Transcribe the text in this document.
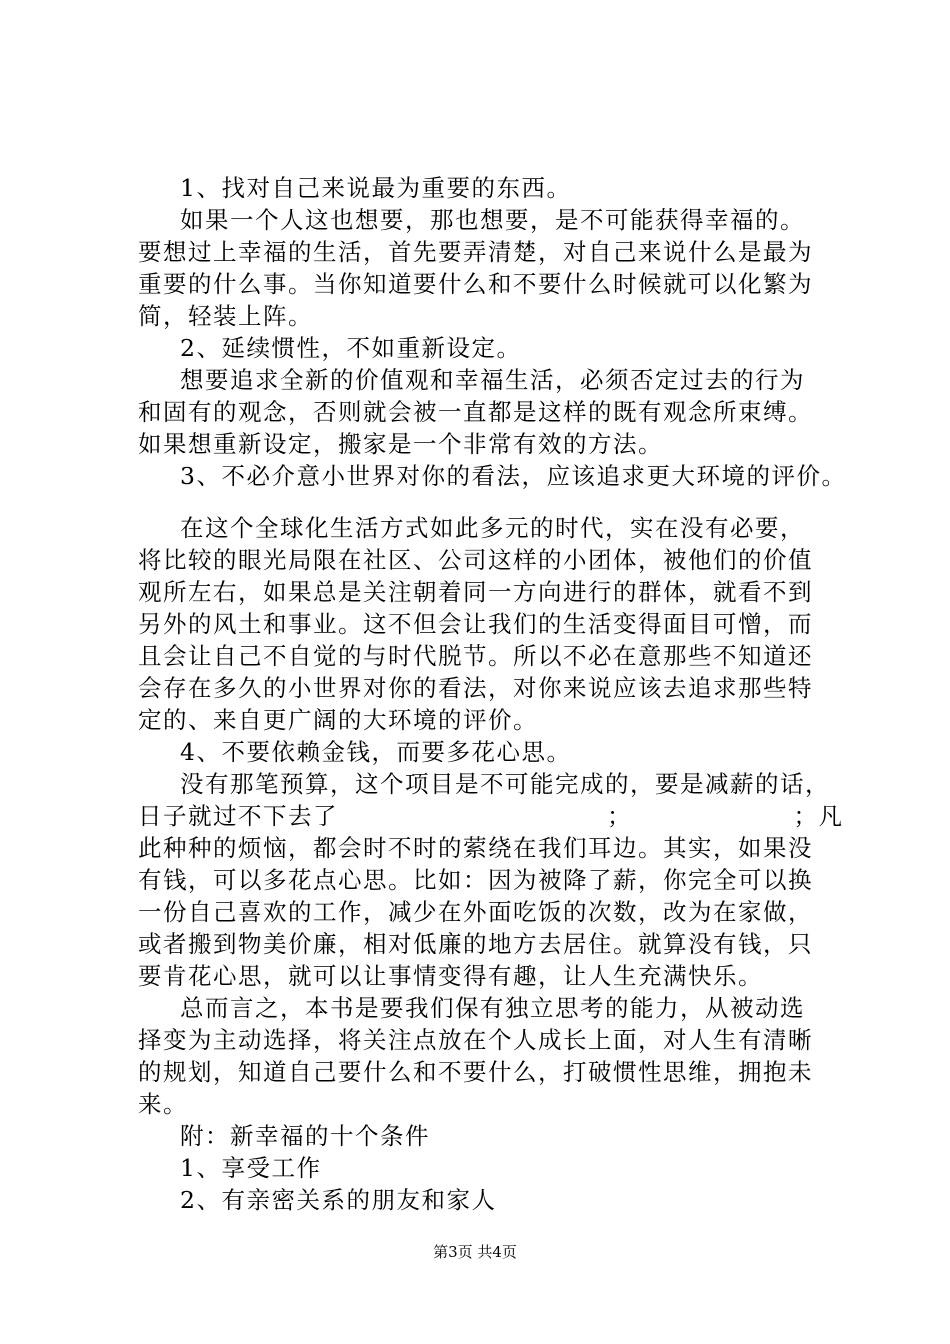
1、找对自己来说最为重要的东西。
如果一个人这也想要，那也想要，是不可能获得幸福的。
要想过上幸福的生活，首先要弄清楚，对自己来说什么是最为
重要的什么事。当你知道要什么和不要什么时候就可以化繁为
简，轻装上阵。
2、延续惯性，不如重新设定。
想要追求全新的价值观和幸福生活，必须否定过去的行为
和固有的观念，否则就会被一直都是这样的既有观念所束缚。
如果想重新设定，搬家是一个非常有效的方法。
3、不必介意小世界对你的看法，应该追求更大环境的评价。
在这个全球化生活方式如此多元的时代，实在没有必要，
将比较的眼光局限在社区、公司这样的小团体，被他们的价值
观所左右，如果总是关注朝着同一方向进行的群体，就看不到
另外的风土和事业。这不但会让我们的生活变得面目可憎，而
且会让自己不自觉的与时代脱节。所以不必在意那些不知道还
会存在多久的小世界对你的看法，对你来说应该去追求那些特
定的、来自更广阔的大环境的评价。
4、不要依赖金钱，而要多花心思。
没有那笔预算，这个项目是不可能完成的，要是减薪的话，
日子就过不下去了                              ；                  ；凡
此种种的烦恼，都会时不时的萦绕在我们耳边。其实，如果没
有钱，可以多花点心思。比如：因为被降了薪，你完全可以换
一份自己喜欢的工作，减少在外面吃饭的次数，改为在家做，
或者搬到物美价廉，相对低廉的地方去居住。就算没有钱，只
要肯花心思，就可以让事情变得有趣，让人生充满快乐。
总而言之，本书是要我们保有独立思考的能力，从被动选
择变为主动选择，将关注点放在个人成长上面，对人生有清晰
的规划，知道自己要什么和不要什么，打破惯性思维，拥抱未
来。
附：新幸福的十个条件
1、享受工作
2、有亲密关系的朋友和家人
第3页 共4页
